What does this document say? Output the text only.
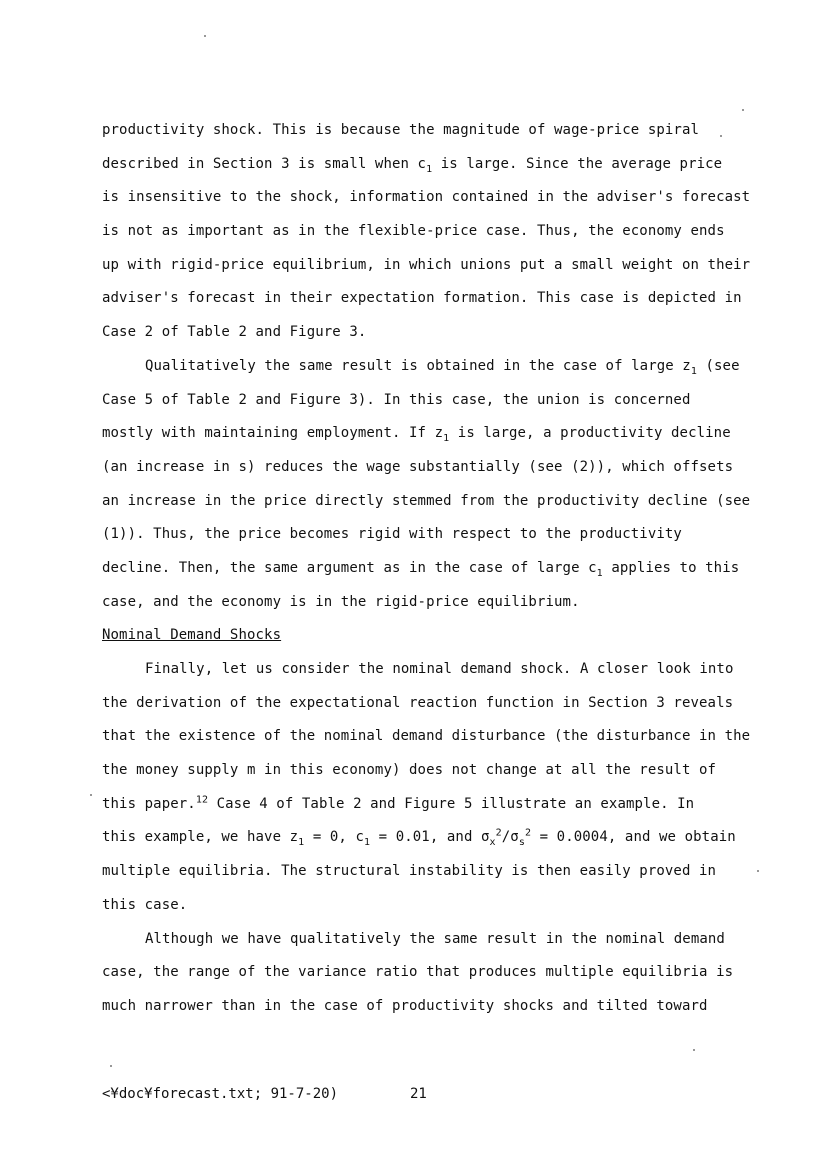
productivity shock. This is because the magnitude of wage-price spiral
described in Section 3 is small when $c_1$ is large. Since the average price
is insensitive to the shock, information contained in the adviser's forecast
is not as important as in the flexible-price case. Thus, the economy ends
up with rigid-price equilibrium, in which unions put a small weight on their
adviser's forecast in their expectation formation. This case is depicted in
Case 2 of Table 2 and Figure 3.
Qualitatively the same result is obtained in the case of large $z_1$ (see
Case 5 of Table 2 and Figure 3). In this case, the union is concerned
mostly with maintaining employment. If $z_1$ is large, a productivity decline
(an increase in s) reduces the wage substantially (see (2)), which offsets
an increase in the price directly stemmed from the productivity decline (see
(1)). Thus, the price becomes rigid with respect to the productivity
decline. Then, the same argument as in the case of large $c_1$ applies to this
case, and the economy is in the rigid-price equilibrium.
Nominal Demand Shocks
Finally, let us consider the nominal demand shock. A closer look into
the derivation of the expectational reaction function in Section 3 reveals
that the existence of the nominal demand disturbance (the disturbance in the
the money supply m in this economy) does not change at all the result of
this paper.$^{12}$ Case 4 of Table 2 and Figure 5 illustrate an example. In
this example, we have $z_1 = 0$, $c_1 = 0.01$, and $\sigma_x^2/\sigma_s^2 = 0.0004$, and we obtain
multiple equilibria. The structural instability is then easily proved in
this case.
Although we have qualitatively the same result in the nominal demand
case, the range of the variance ratio that produces multiple equilibria is
much narrower than in the case of productivity shocks and tilted toward
<¥doc¥forecast.txt; 91-7-20)	21
